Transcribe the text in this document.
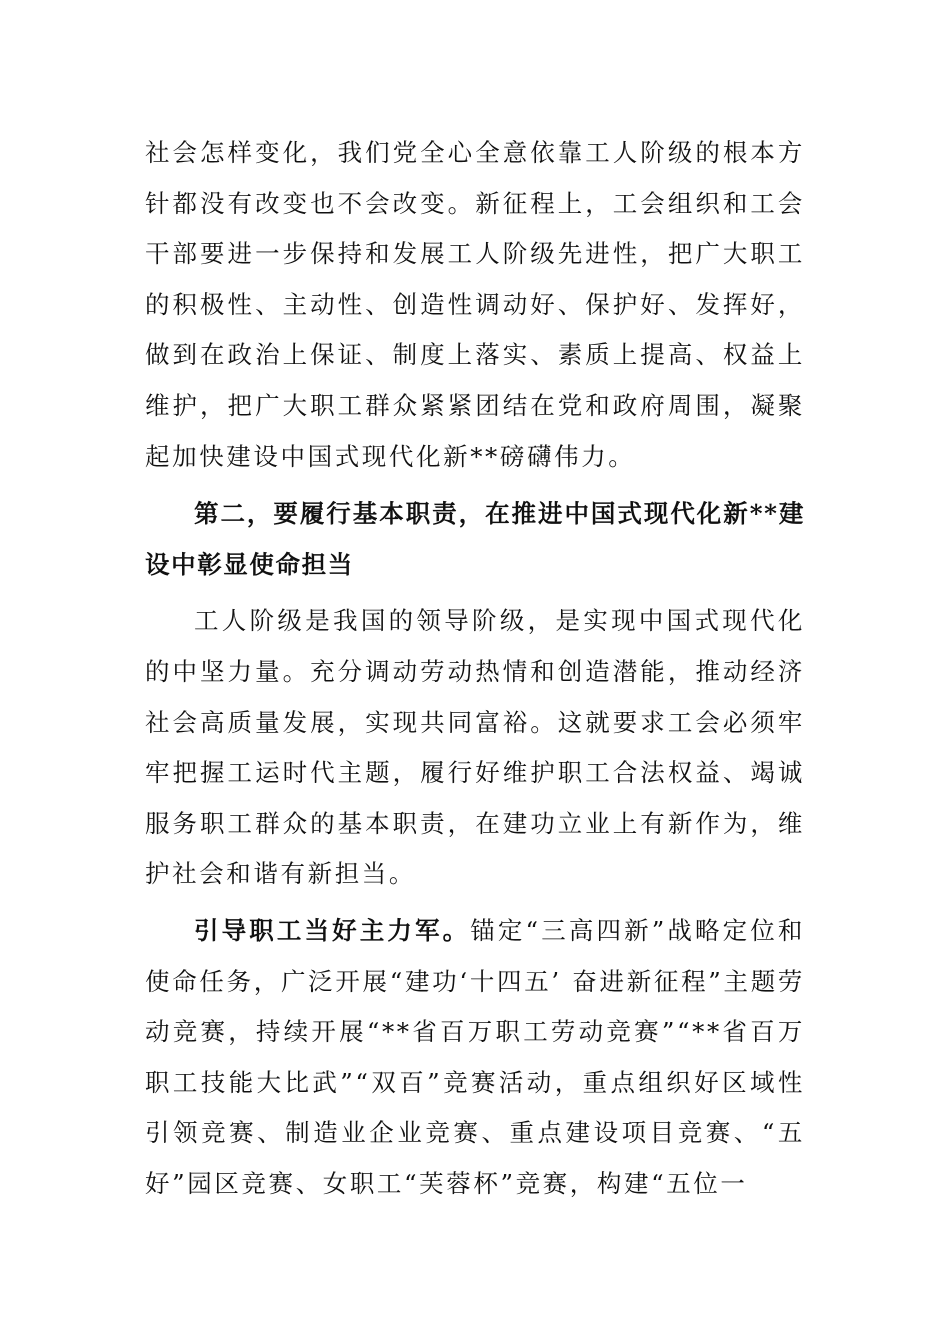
社会怎样变化，我们党全心全意依靠工人阶级的根本方针都没有改变也不会改变。新征程上，工会组织和工会干部要进一步保持和发展工人阶级先进性，把广大职工的积极性、主动性、创造性调动好、保护好、发挥好，做到在政治上保证、制度上落实、素质上提高、权益上维护，把广大职工群众紧紧团结在党和政府周围，凝聚起加快建设中国式现代化新**磅礴伟力。

第二，要履行基本职责，在推进中国式现代化新**建设中彰显使命担当

工人阶级是我国的领导阶级，是实现中国式现代化的中坚力量。充分调动劳动热情和创造潜能，推动经济社会高质量发展，实现共同富裕。这就要求工会必须牢牢把握工运时代主题，履行好维护职工合法权益、竭诚服务职工群众的基本职责，在建功立业上有新作为，维护社会和谐有新担当。

引导职工当好主力军。锚定“三高四新”战略定位和使命任务，广泛开展“建功‘十四五’ 奋进新征程”主题劳动竞赛，持续开展“**省百万职工劳动竞赛”“**省百万职工技能大比武”“双百”竞赛活动，重点组织好区域性引领竞赛、制造业企业竞赛、重点建设项目竞赛、“五好”园区竞赛、女职工“芙蓉杯”竞赛，构建“五位一
